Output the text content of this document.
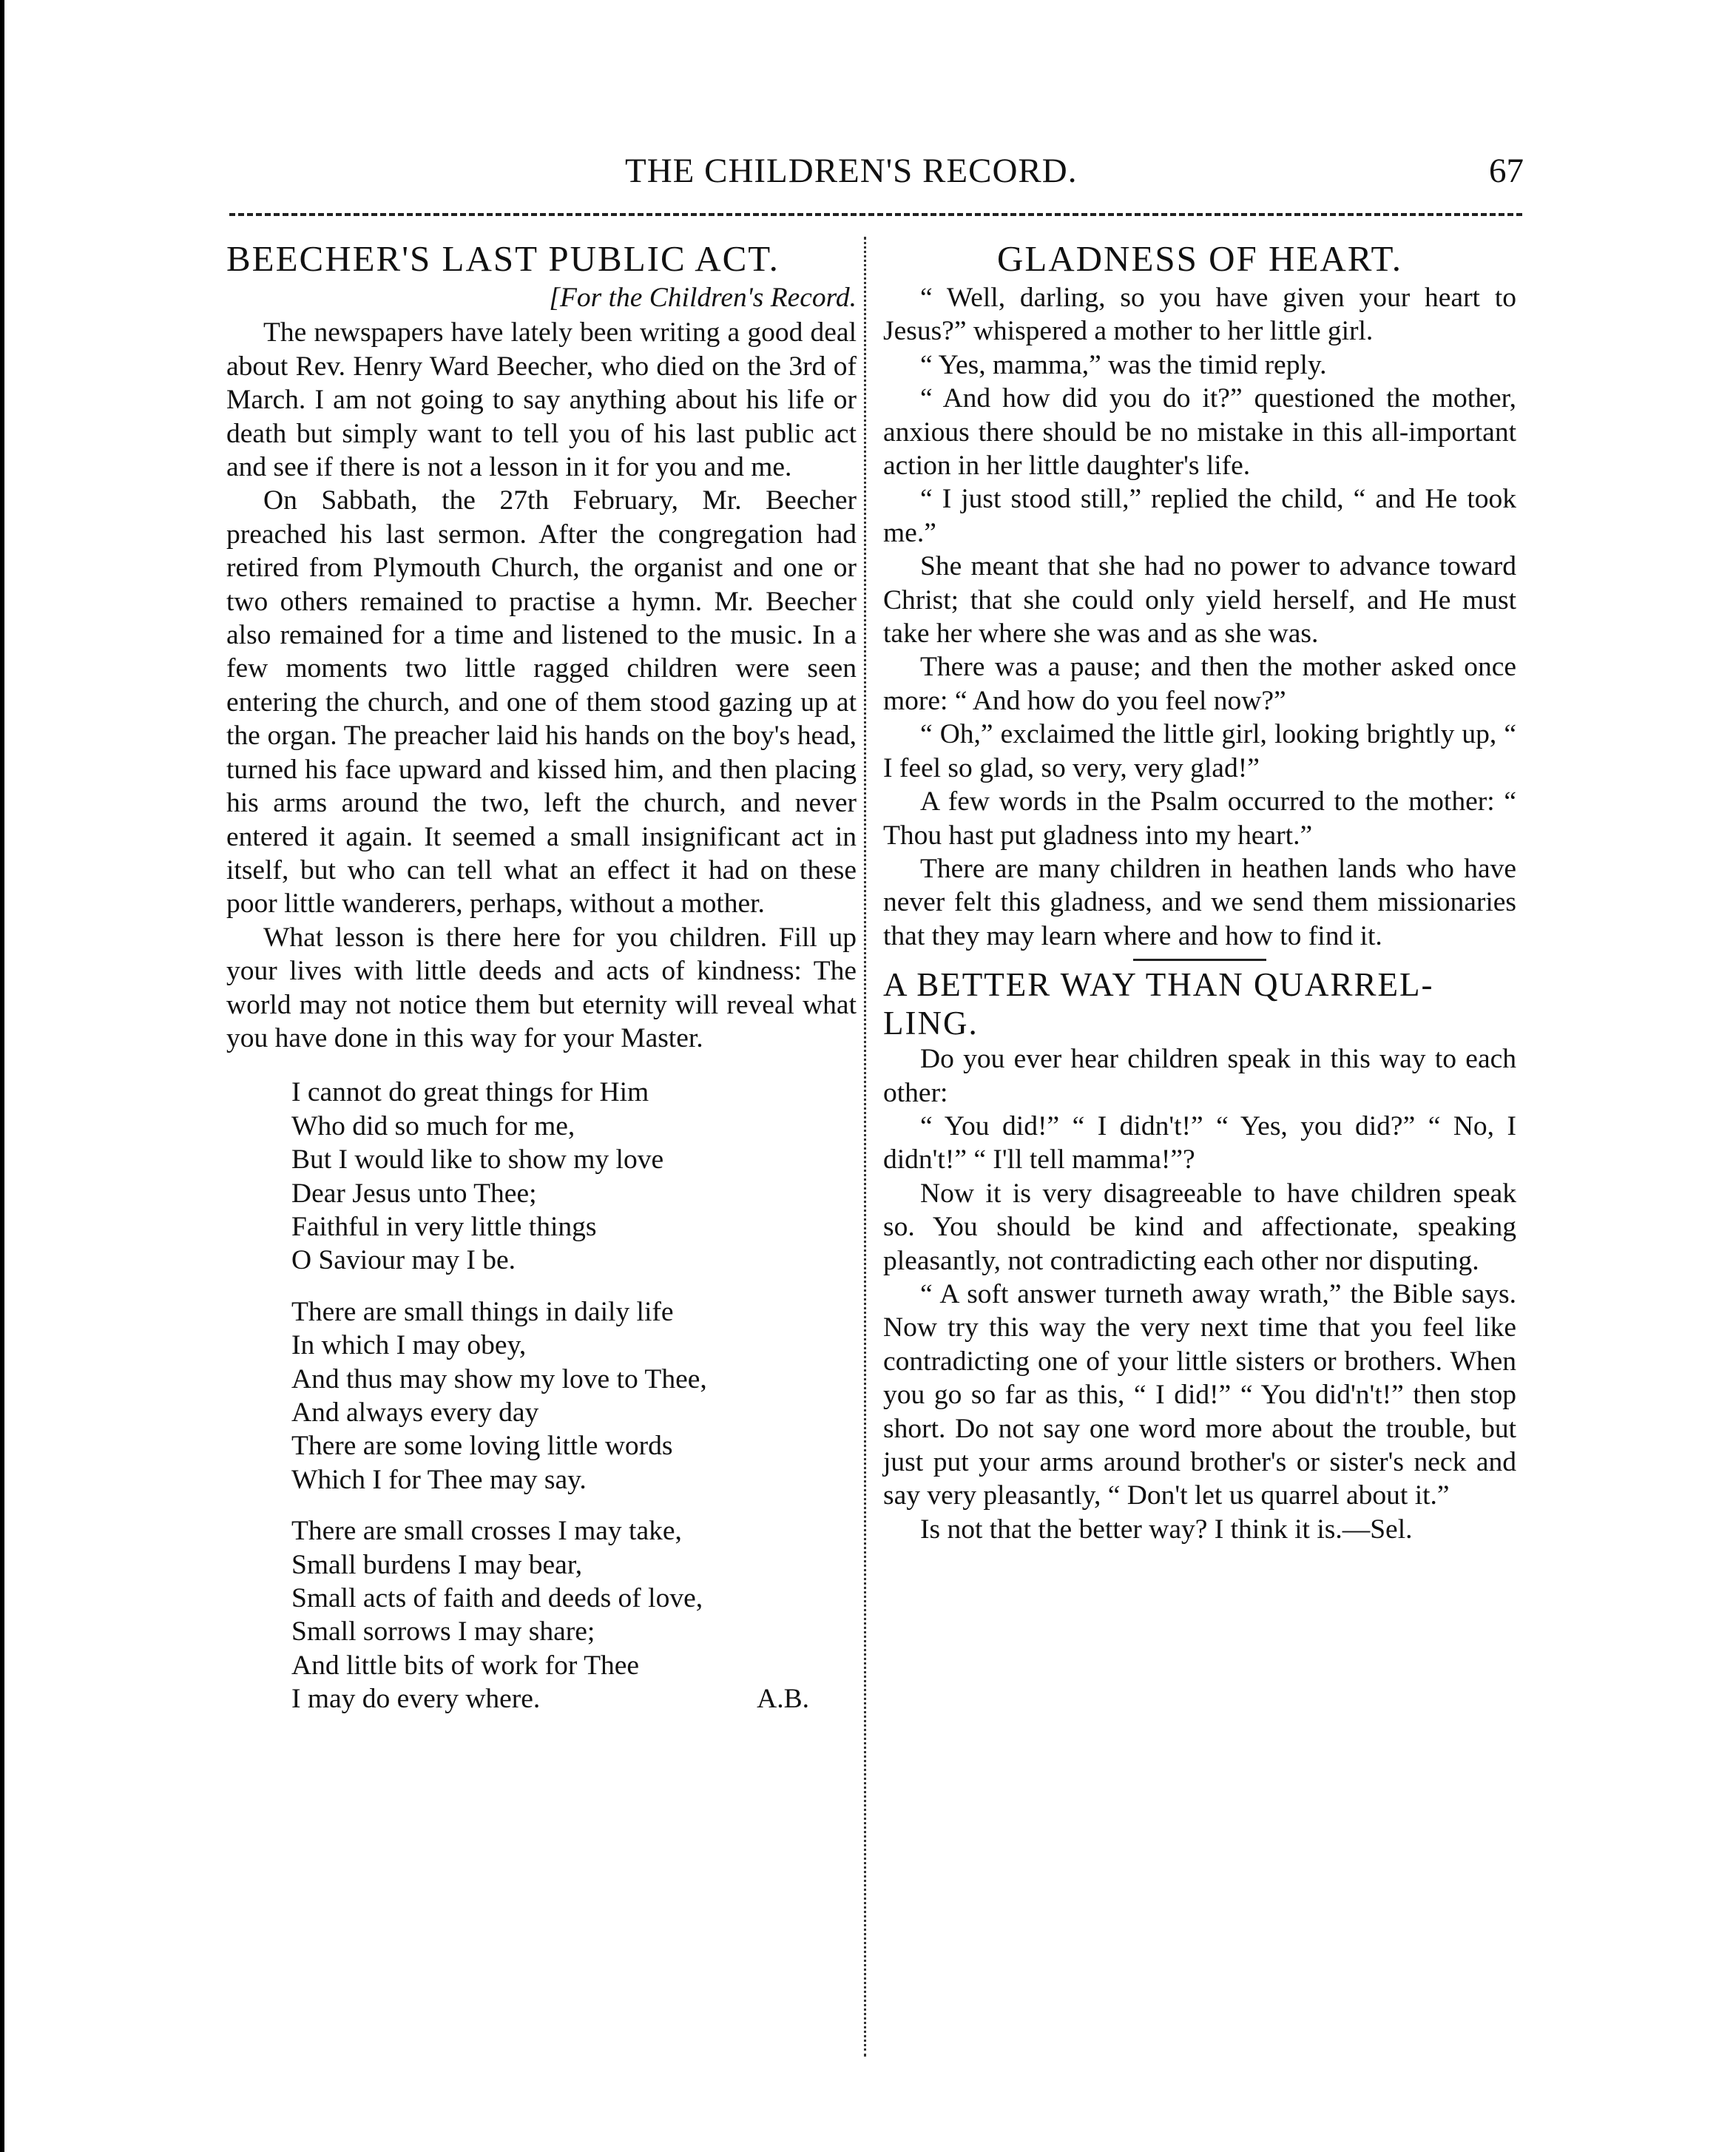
THE CHILDREN'S RECORD.	67
BEECHER'S LAST PUBLIC ACT.
[For the Children's Record.

The newspapers have lately been writing a good deal about Rev. Henry Ward Beecher, who died on the 3rd of March. I am not going to say anything about his life or death but simply want to tell you of his last public act and see if there is not a lesson in it for you and me.

On Sabbath, the 27th February, Mr. Beecher preached his last sermon. After the congregation had retired from Plymouth Church, the organist and one or two others remained to practise a hymn. Mr. Beecher also remained for a time and listened to the music. In a few moments two little ragged children were seen entering the church, and one of them stood gazing up at the organ. The preacher laid his hands on the boy's head, turned his face upward and kissed him, and then placing his arms around the two, left the church, and never entered it again. It seemed a small insignificant act in itself, but who can tell what an effect it had on these poor little wanderers, perhaps, without a mother.

What lesson is there here for you children. Fill up your lives with little deeds and acts of kindness: The world may not notice them but eternity will reveal what you have done in this way for your Master.

I cannot do great things for Him
Who did so much for me,
But I would like to show my love
Dear Jesus unto Thee;
Faithful in very little things
O Saviour may I be.
There are small things in daily life
In which I may obey,
And thus may show my love to Thee,
And always every day
There are some loving little words
Which I for Thee may say.
There are small crosses I may take,
Small burdens I may bear,
Small acts of faith and deeds of love,
Small sorrows I may share;
And little bits of work for Thee
I may do every where.	A.B.
GLADNESS OF HEART.

“ Well, darling, so you have given your heart to Jesus?” whispered a mother to her little girl.

“ Yes, mamma,” was the timid reply.

“ And how did you do it?” questioned the mother, anxious there should be no mistake in this all-important action in her little daughter's life.

“ I just stood still,” replied the child, “ and He took me.”

She meant that she had no power to advance toward Christ; that she could only yield herself, and He must take her where she was and as she was.

There was a pause; and then the mother asked once more: “ And how do you feel now?”

“ Oh,” exclaimed the little girl, looking brightly up, “ I feel so glad, so very, very glad!”

A few words in the Psalm occurred to the mother: “ Thou hast put gladness into my heart.”

There are many children in heathen lands who have never felt this gladness, and we send them missionaries that they may learn where and how to find it.

A BETTER WAY THAN QUARREL-
LING.

Do you ever hear children speak in this way to each other:

“ You did!” “ I didn't!” “ Yes, you did?” “ No, I didn't!” “ I'll tell mamma!”?

Now it is very disagreeable to have children speak so. You should be kind and affectionate, speaking pleasantly, not contradicting each other nor disputing.

“ A soft answer turneth away wrath,” the Bible says. Now try this way the very next time that you feel like contradicting one of your little sisters or brothers. When you go so far as this, “ I did!” “ You did'n't!” then stop short. Do not say one word more about the trouble, but just put your arms around brother's or sister's neck and say very pleasantly, “ Don't let us quarrel about it.”

Is not that the better way? I think it is.—Sel.
